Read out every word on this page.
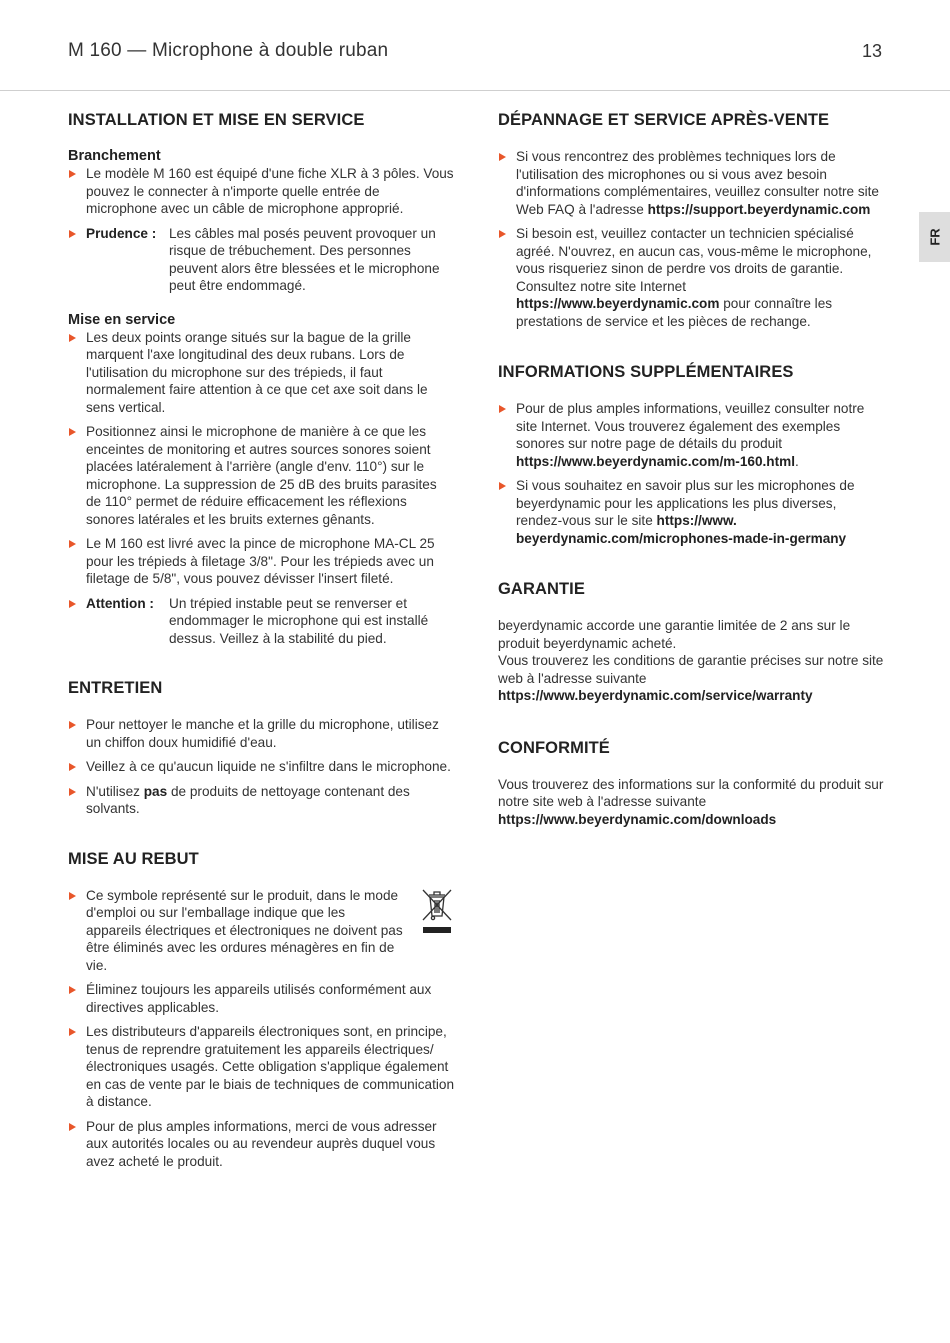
M 160 — Microphone à double ruban	13
FR
INSTALLATION ET MISE EN SERVICE
Branchement
Le modèle M 160 est équipé d'une fiche XLR à 3 pôles. Vous pouvez le connecter à n'importe quelle entrée de microphone avec un câble de microphone approprié.
Prudence : Les câbles mal posés peuvent provoquer un risque de trébuchement. Des personnes peuvent alors être blessées et le microphone peut être endommagé.
Mise en service
Les deux points orange situés sur la bague de la grille marquent l'axe longitudinal des deux rubans. Lors de l'utilisation du microphone sur des trépieds, il faut normalement faire attention à ce que cet axe soit dans le sens vertical.
Positionnez ainsi le microphone de manière à ce que les enceintes de monitoring et autres sources sonores soient placées latéralement à l'arrière (angle d'env. 110°) sur le microphone. La suppression de 25 dB des bruits parasites de 110° permet de réduire efficacement les réflexions sonores latérales et les bruits externes gênants.
Le M 160 est livré avec la pince de microphone MA-CL 25 pour les trépieds à filetage 3/8". Pour les trépieds avec un filetage de 5/8", vous pouvez dévisser l'insert fileté.
Attention :	Un trépied instable peut se renverser et endommager le microphone qui est installé dessus. Veillez à la stabilité du pied.
ENTRETIEN
Pour nettoyer le manche et la grille du microphone, utilisez un chiffon doux humidifié d'eau.
Veillez à ce qu'aucun liquide ne s'infiltre dans le microphone.
N'utilisez pas de produits de nettoyage contenant des solvants.
MISE AU REBUT
Ce symbole représenté sur le produit, dans le mode d'emploi ou sur l'emballage indique que les appareils électriques et électroniques ne doivent pas être éliminés avec les ordures ménagères en fin de vie.
Éliminez toujours les appareils utilisés conformément aux directives applicables.
Les distributeurs d'appareils électroniques sont, en principe, tenus de reprendre gratuitement les appareils électriques/électroniques usagés. Cette obligation s'applique également en cas de vente par le biais de techniques de communication à distance.
Pour de plus amples informations, merci de vous adresser aux autorités locales ou au revendeur auprès duquel vous avez acheté le produit.
DÉPANNAGE ET SERVICE APRÈS-VENTE
Si vous rencontrez des problèmes techniques lors de l'utilisation des microphones ou si vous avez besoin d'informations complémentaires, veuillez consulter notre site Web FAQ à l'adresse https://support.beyerdynamic.com
Si besoin est, veuillez contacter un technicien spécialisé agréé. N'ouvrez, en aucun cas, vous-même le microphone, vous risqueriez sinon de perdre vos droits de garantie. Consultez notre site Internet https://www.beyerdynamic.com pour connaître les prestations de service et les pièces de rechange.
INFORMATIONS SUPPLÉMENTAIRES
Pour de plus amples informations, veuillez consulter notre site Internet. Vous trouverez également des exemples sonores sur notre page de détails du produit https://www.beyerdynamic.com/m-160.html.
Si vous souhaitez en savoir plus sur les microphones de beyerdynamic pour les applications les plus diverses, rendez-vous sur le site https://www. beyerdynamic.com/microphones-made-in-germany
GARANTIE
beyerdynamic accorde une garantie limitée de 2 ans sur le produit beyerdynamic acheté.
Vous trouverez les conditions de garantie précises sur notre site web à l'adresse suivante
https://www.beyerdynamic.com/service/warranty
CONFORMITÉ
Vous trouverez des informations sur la conformité du produit sur notre site web à l'adresse suivante
https://www.beyerdynamic.com/downloads
